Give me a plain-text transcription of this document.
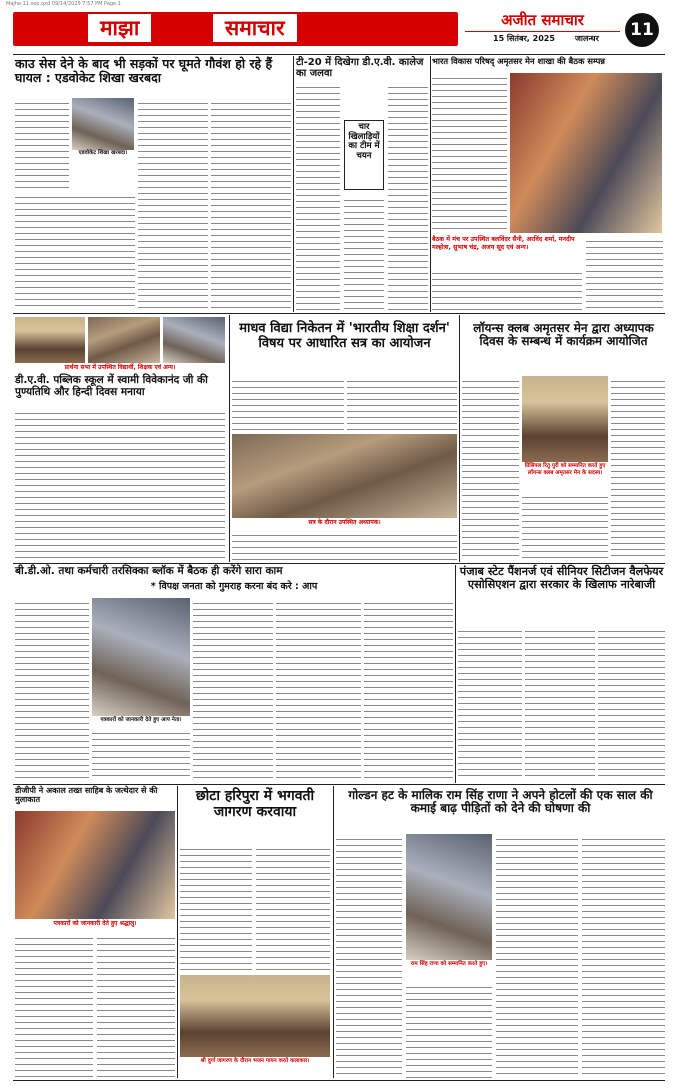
Majha 11 sep.qxd 09/14/2025 7:57 PM Page 1
माझा	समाचार	अजीत समाचार
15 सितंबर, 2025	जालन्धर	11
काउ सेस देने के बाद भी सड़कों पर घूमते गौवंश हो रहे हैं घायल : एडवोकेट शिखा खरबदा
एडवोकेट शिखा खरबदा।
टी-20 में दिखेगा डी.ए.वी. कालेज का जलवा
चार खिलाड़ियों का टीम में चयन
भारत विकास परिषद् अमृतसर मेन शाखा की बैठक सम्पन्न
बैठक में मंच पर उपस्थित बलविंदर सैनी, अरविंद शर्मा, मनदीप मल्होत्रा, सुभाष चंद्र, अजय सूद एवं अन्य।
प्रार्थना सभा में उपस्थित विद्यार्थी, शिक्षक एवं अन्य।
डी.ए.वी. पब्लिक स्कूल में स्वामी विवेकानंद जी की पुण्यतिथि और हिन्दी दिवस मनाया
माधव विद्या निकेतन में 'भारतीय शिक्षा दर्शन' विषय पर आधारित सत्र का आयोजन
सत्र के दौरान उपस्थित अध्यापक।
लॉयन्स क्लब अमृतसर मेन द्वारा अध्यापक दिवस के सम्बन्ध में कार्यक्रम आयोजित
प्रिंसिपल रितु पुरी को सम्मानित करते हुए लॉयन्स क्लब अमृतसर मेन के सदस्य।
बी.डी.ओ. तथा कर्मचारी तरसिक्का ब्लॉक में बैठक ही करेंगे सारा काम
* विपक्ष जनता को गुमराह करना बंद करे : आप
पत्रकारों को जानकारी देते हुए आप नेता।
पंजाब स्टेट पैंशनर्ज एवं सीनियर सिटीजन वैलफेयर एसोसिएशन द्वारा सरकार के खिलाफ नारेबाजी
डीजीपी ने अकाल तख्त साहिब के जत्थेदार से की मुलाकात
पत्रकारों को जानकारी देते हुए श्रद्धालु।
छोटा हरिपुरा में भगवती जागरण करवाया
श्री दुर्गा जागरण के दौरान भजन गायन करते कलाकार।
गोल्डन हट के मालिक राम सिंह राणा ने अपने होटलों की एक साल की कमाई बाढ़ पीड़ितों को देने की घोषणा की
राम सिंह राणा को सम्मानित करते हुए।
